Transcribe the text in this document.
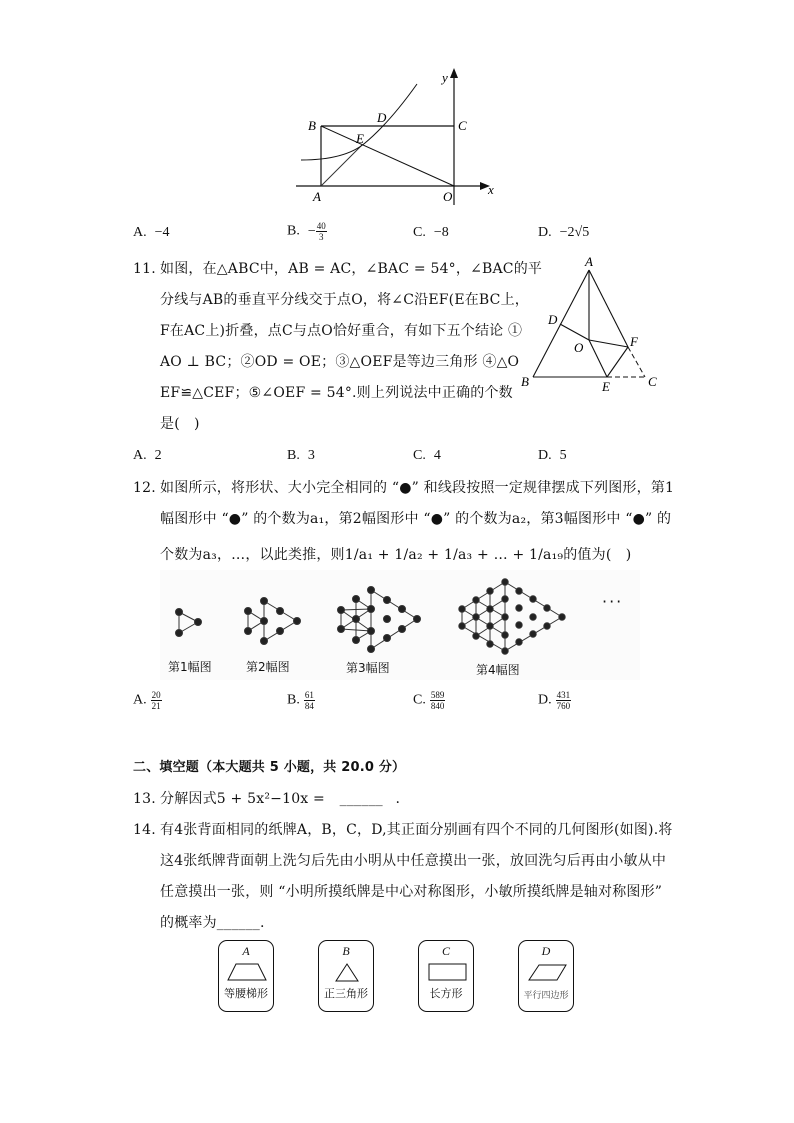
y
x
B
D
C
E
A	O
A. −4	B. − $\frac{40}{3}$	C. −8	D. −2√5
11. 如图，在△ABC中，AB = AC，∠BAC = 54°，∠BAC的平
分线与AB的垂直平分线交于点O，将∠C沿EF(E在BC上，
F在AC上)折叠，点C与点O恰好重合，有如下五个结论 ①
AO ⊥ BC；②OD = OE；③△OEF是等边三角形 ④△O
EF≌△CEF；⑤∠OEF = 54°.则上列说法中正确的个数
是(　)
A
D
O	F
B	E	C
A. 2	B. 3	C. 4	D. 5
12. 如图所示，将形状、大小完全相同的 “●” 和线段按照一定规律摆成下列图形，第1
幅图形中 “●” 的个数为a₁，第2幅图形中 “●” 的个数为a₂，第3幅图形中 “●” 的
个数为a₃，…，以此类推，则1/a₁ + 1/a₂ + 1/a₃ + … + 1/a₁₉的值为(　)
第1幅图	第2幅图	第3幅图	第4幅图
···
A. $\frac{20}{21}$	B. $\frac{61}{84}$	C. $\frac{589}{840}$	D. $\frac{431}{760}$
二、填空题（本大题共 5 小题，共 20.0 分）
13. 分解因式5 + 5x²−10x = ______ .
14. 有4张背面相同的纸牌A，B，C，D,其正面分别画有四个不同的几何图形(如图).将
这4张纸牌背面朝上洗匀后先由小明从中任意摸出一张，放回洗匀后再由小敏从中
任意摸出一张，则 “小明所摸纸牌是中心对称图形，小敏所摸纸牌是轴对称图形”
的概率为______.
A
等腰梯形
B
正三角形
C
长方形
D
平行四边形
